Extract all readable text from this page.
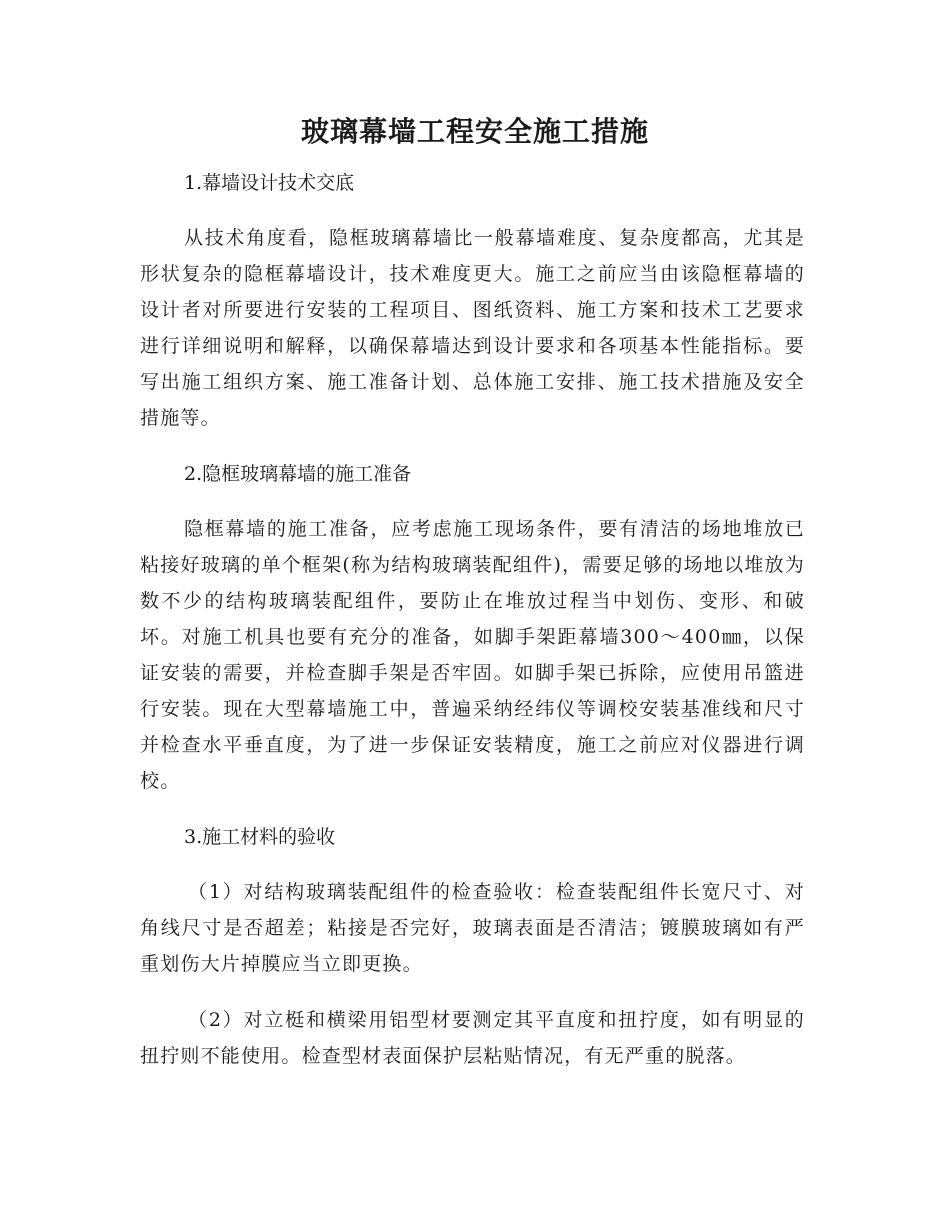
玻璃幕墙工程安全施工措施
1.幕墙设计技术交底

从技术角度看，隐框玻璃幕墙比一般幕墙难度、复杂度都高，尤其是形状复杂的隐框幕墙设计，技术难度更大。施工之前应当由该隐框幕墙的设计者对所要进行安装的工程项目、图纸资料、施工方案和技术工艺要求进行详细说明和解释，以确保幕墙达到设计要求和各项基本性能指标。要写出施工组织方案、施工准备计划、总体施工安排、施工技术措施及安全措施等。

2.隐框玻璃幕墙的施工准备

隐框幕墙的施工准备，应考虑施工现场条件，要有清洁的场地堆放已粘接好玻璃的单个框架(称为结构玻璃装配组件)，需要足够的场地以堆放为数不少的结构玻璃装配组件，要防止在堆放过程当中划伤、变形、和破坏。对施工机具也要有充分的准备，如脚手架距幕墙300～400㎜，以保证安装的需要，并检查脚手架是否牢固。如脚手架已拆除，应使用吊篮进行安装。现在大型幕墙施工中，普遍采纳经纬仪等调校安装基准线和尺寸并检查水平垂直度，为了进一步保证安装精度，施工之前应对仪器进行调校。

3.施工材料的验收

（1）对结构玻璃装配组件的检查验收：检查装配组件长宽尺寸、对角线尺寸是否超差；粘接是否完好，玻璃表面是否清洁；镀膜玻璃如有严重划伤大片掉膜应当立即更换。

（2）对立梃和横梁用铝型材要测定其平直度和扭拧度，如有明显的扭拧则不能使用。检查型材表面保护层粘贴情况，有无严重的脱落。
